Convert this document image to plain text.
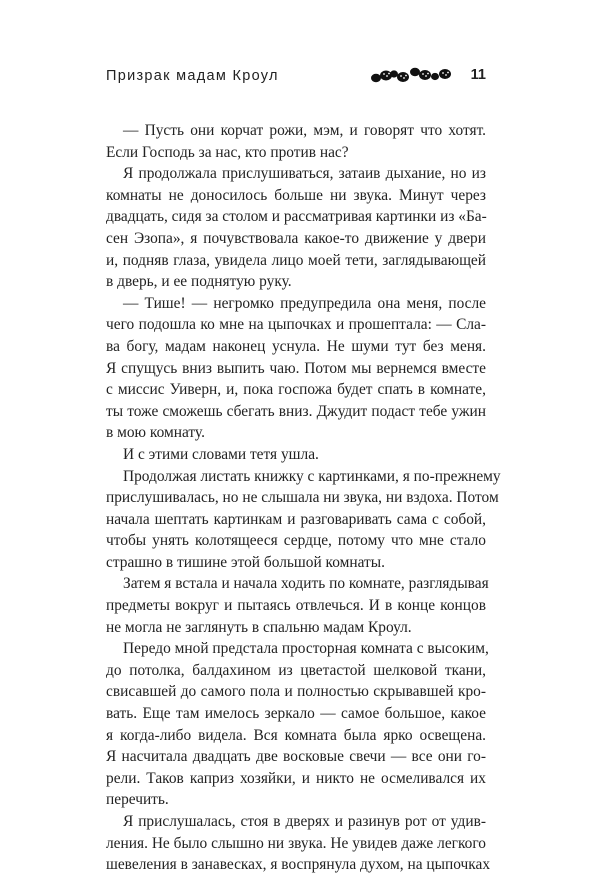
Призрак мадам Кроул	11
— Пусть они корчат рожи, мэм, и говорят что хотят.
Если Господь за нас, кто против нас?
Я продолжала прислушиваться, затаив дыхание, но из
комнаты не доносилось больше ни звука. Минут через
двадцать, сидя за столом и рассматривая картинки из «Ба-
сен Эзопа», я почувствовала какое-то движение у двери
и, подняв глаза, увидела лицо моей тети, заглядывающей
в дверь, и ее поднятую руку.
— Тише! — негромко предупредила она меня, после
чего подошла ко мне на цыпочках и прошептала: — Сла-
ва богу, мадам наконец уснула. Не шуми тут без меня.
Я спущусь вниз выпить чаю. Потом мы вернемся вместе
с миссис Уиверн, и, пока госпожа будет спать в комнате,
ты тоже сможешь сбегать вниз. Джудит подаст тебе ужин
в мою комнату.
И с этими словами тетя ушла.
Продолжая листать книжку с картинками, я по-прежнему
прислушивалась, но не слышала ни звука, ни вздоха. Потом
начала шептать картинкам и разговаривать сама с собой,
чтобы унять колотящееся сердце, потому что мне стало
страшно в тишине этой большой комнаты.
Затем я встала и начала ходить по комнате, разглядывая
предметы вокруг и пытаясь отвлечься. И в конце концов
не могла не заглянуть в спальню мадам Кроул.
Передо мной предстала просторная комната с высоким,
до потолка, балдахином из цветастой шелковой ткани,
свисавшей до самого пола и полностью скрывавшей кро-
вать. Еще там имелось зеркало — самое большое, какое
я когда-либо видела. Вся комната была ярко освещена.
Я насчитала двадцать две восковые свечи — все они го-
рели. Таков каприз хозяйки, и никто не осмеливался их
перечить.
Я прислушалась, стоя в дверях и разинув рот от удив-
ления. Не было слышно ни звука. Не увидев даже легкого
шевеления в занавесках, я воспрянула духом, на цыпочках
